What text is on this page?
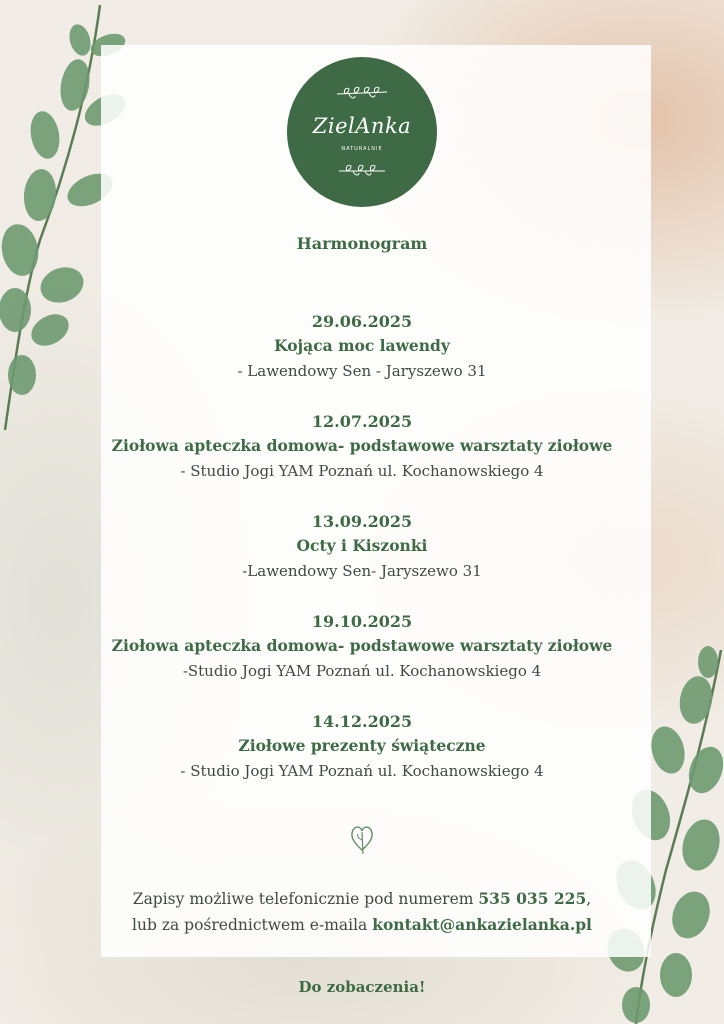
ZielAnka
NATURALNIE
Harmonogram
29.06.2025
Kojąca moc lawendy
- Lawendowy Sen - Jaryszewo 31
12.07.2025
Ziołowa apteczka domowa- podstawowe warsztaty ziołowe
- Studio Jogi YAM Poznań ul. Kochanowskiego 4
13.09.2025
Octy i Kiszonki
-Lawendowy Sen- Jaryszewo 31
19.10.2025
Ziołowa apteczka domowa- podstawowe warsztaty ziołowe
-Studio Jogi YAM Poznań ul. Kochanowskiego 4
14.12.2025
Ziołowe prezenty świąteczne
- Studio Jogi YAM Poznań ul. Kochanowskiego 4
Zapisy możliwe telefonicznie pod numerem 535 035 225,
lub za pośrednictwem e-maila kontakt@ankazielanka.pl
Do zobaczenia!
